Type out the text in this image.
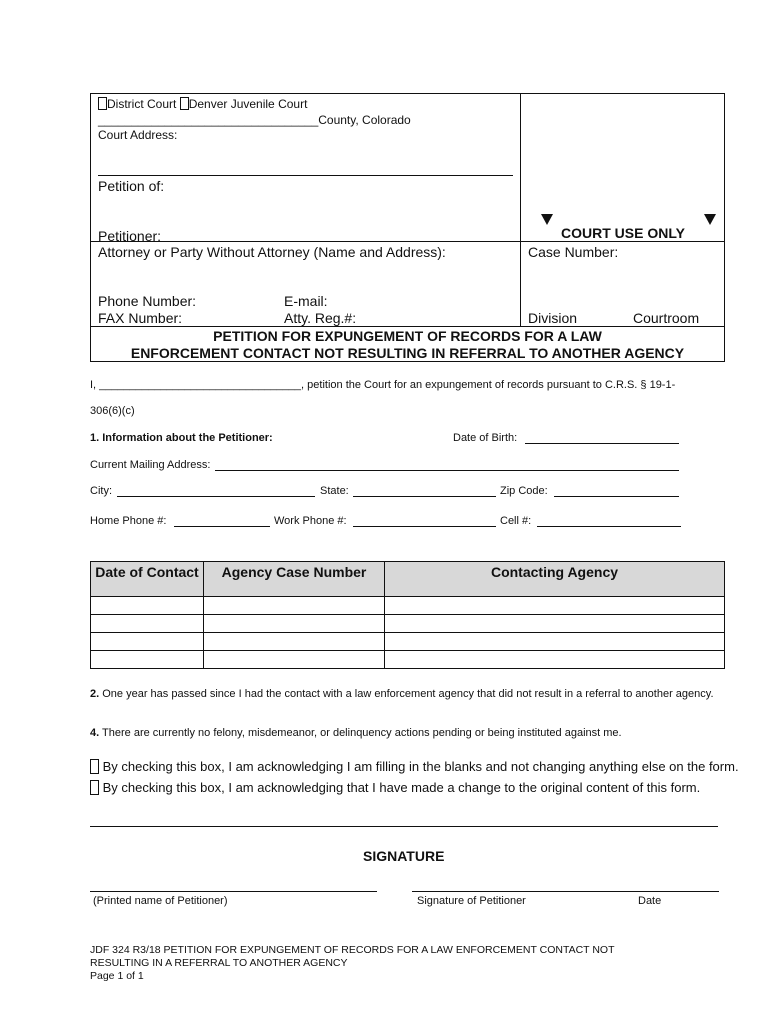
District Court Denver Juvenile Court
_________________________________County, Colorado
Court Address:
Petition of:
Petitioner:	COURT USE ONLY
Attorney or Party Without Attorney (Name and Address):	Case Number:
Phone Number:	E-mail:
FAX Number:	Atty. Reg.#:	Division	Courtroom
PETITION FOR EXPUNGEMENT OF RECORDS FOR A LAW
ENFORCEMENT CONTACT NOT RESULTING IN REFERRAL TO ANOTHER AGENCY
I, _________________________________, petition the Court for an expungement of records pursuant to C.R.S. § 19-1-
306(6)(c)
1. Information about the Petitioner:	Date of Birth:
Current Mailing Address:
City:	State:	Zip Code:
Home Phone #:	Work Phone #:	Cell #:
Date of Contact	Agency Case Number	Contacting Agency

2. One year has passed since I had the contact with a law enforcement agency that did not result in a referral to another agency.
4. There are currently no felony, misdemeanor, or delinquency actions pending or being instituted against me.
By checking this box, I am acknowledging I am filling in the blanks and not changing anything else on the form.
By checking this box, I am acknowledging that I have made a change to the original content of this form.
SIGNATURE
(Printed name of Petitioner)	Signature of Petitioner	Date
JDF 324 R3/18 PETITION FOR EXPUNGEMENT OF RECORDS FOR A LAW ENFORCEMENT CONTACT NOT
RESULTING IN A REFERRAL TO ANOTHER AGENCY
Page 1 of 1
